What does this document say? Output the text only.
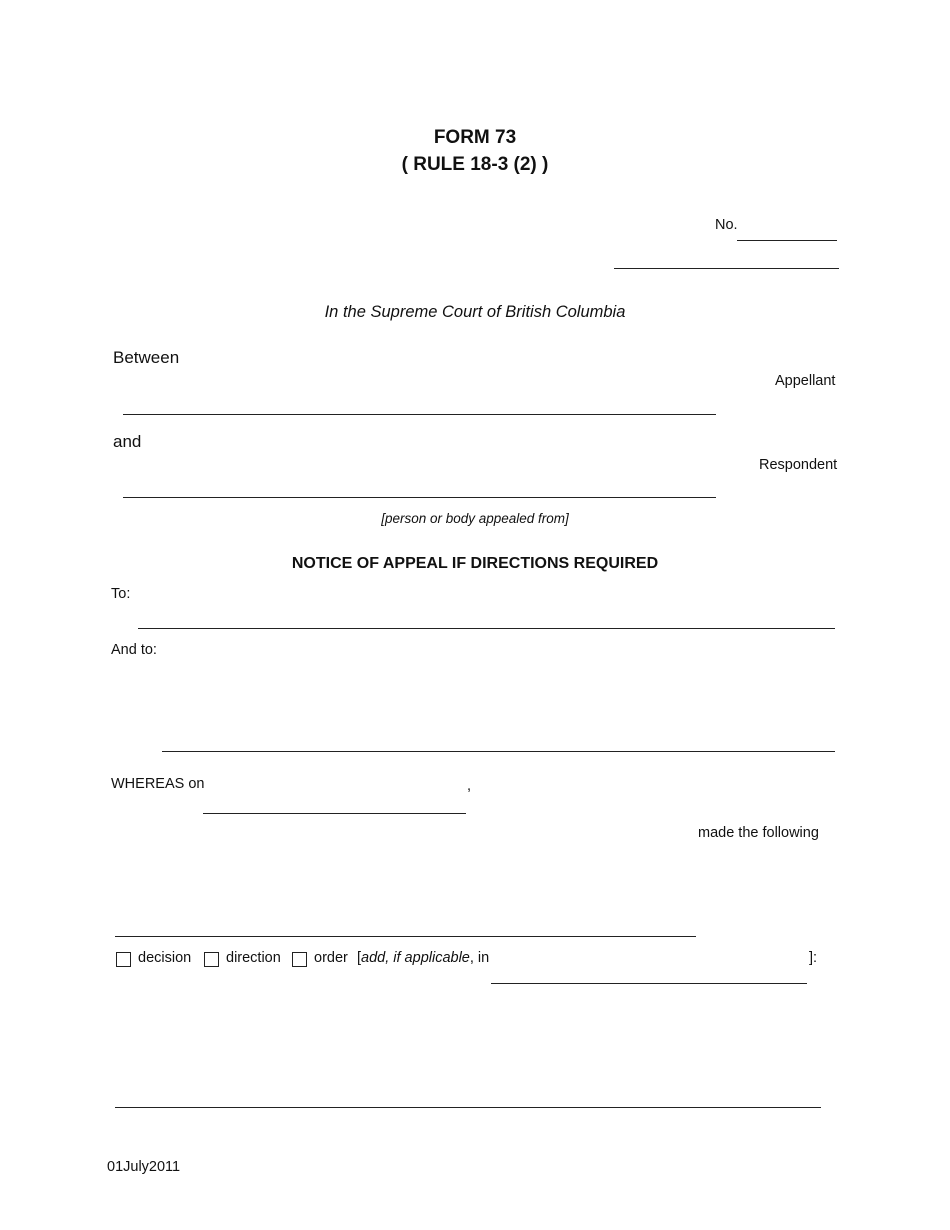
FORM 73
( RULE 18-3 (2) )
No.
In the Supreme Court of British Columbia
Between
Appellant
and
Respondent
[person or body appealed from]
NOTICE OF APPEAL IF DIRECTIONS REQUIRED
To:
And to:
WHEREAS on	,
made the following
decision direction order [add, if applicable, in	]:
01July2011
